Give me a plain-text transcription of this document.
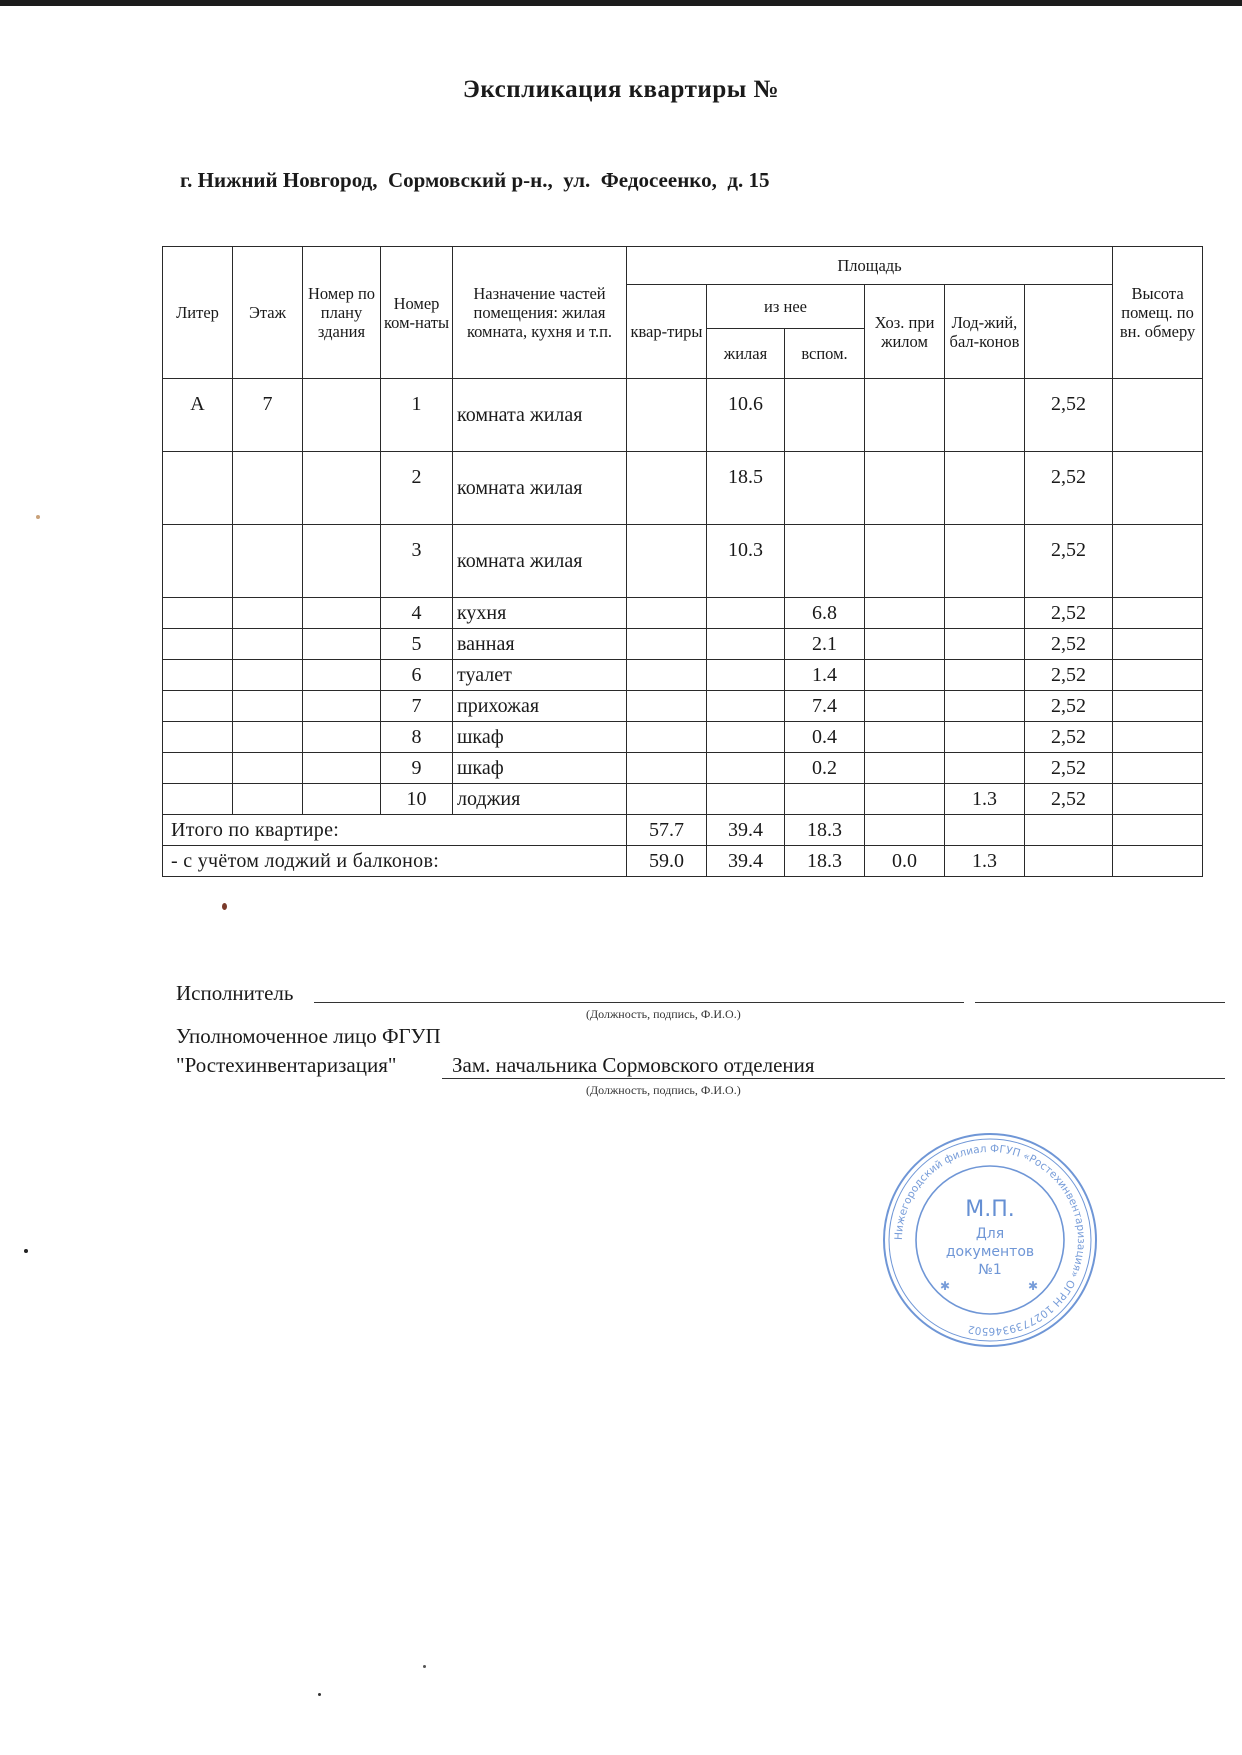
Экспликация квартиры №
г. Нижний Новгород,  Сормовский р-н.,  ул.  Федосеенко,  д. 15
Литер	Этаж	Номер по плану здания	Номер ком-наты	Назначение частей помещения: жилая комната, кухня и т.п.	Площадь						Высота помещ. по вн. обмеру	
					квар-тиры	из нее		Хоз. при жилом	Лод-жий, бал-конов			
						жилая	вспом.					
А	7		1	комната жилая		10.6				2,52		
			2	комната жилая		18.5				2,52		
			3	комната жилая		10.3				2,52		
			4	кухня			6.8			2,52		
			5	ванная			2.1			2,52		
			6	туалет			1.4			2,52		
			7	прихожая			7.4			2,52		
			8	шкаф			0.4			2,52		
			9	шкаф			0.2			2,52		
			10	лоджия					1.3	2,52		
Итого по квартире:					57.7	39.4	18.3					
- с учётом лоджий и балконов:					59.0	39.4	18.3	0.0	1.3			
Исполнитель
(Должность, подпись, Ф.И.О.)
Уполномоченное лицо ФГУП
"Ростехинвентаризация"	Зам. начальника Сормовского отделения
(Должность, подпись, Ф.И.О.)
Нижегородский филиал ФГУП «Ростехинвентаризация» ОГРН 1027739346502
М.П.
Для
документов
№1
✱	✱
